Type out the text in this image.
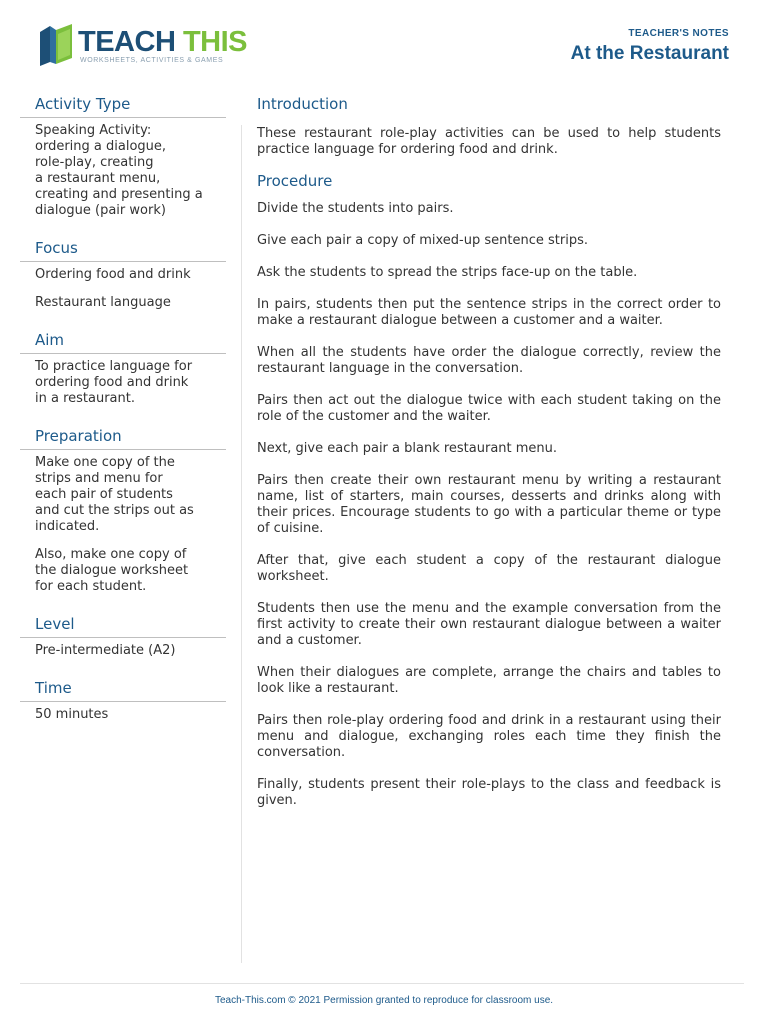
TEACH THIS
WORKSHEETS, ACTIVITIES & GAMES
TEACHER'S NOTES
At the Restaurant
Activity Type
Speaking Activity:
ordering a dialogue,
role-play, creating
a restaurant menu,
creating and presenting a
dialogue (pair work)
Focus

Ordering food and drink

Restaurant language

Aim
To practice language for
ordering food and drink
in a restaurant.
Preparation

Make one copy of the
strips and menu for
each pair of students
and cut the strips out as
indicated.

Also, make one copy of
the dialogue worksheet
for each student.

Level
Pre-intermediate (A2)
Time
50 minutes
Introduction

These restaurant role-play activities can be used to help students practice language for ordering food and drink.

Procedure

Divide the students into pairs.

Give each pair a copy of mixed-up sentence strips.

Ask the students to spread the strips face-up on the table.

In pairs, students then put the sentence strips in the correct order to make a restaurant dialogue between a customer and a waiter.

When all the students have order the dialogue correctly, review the restaurant language in the conversation.

Pairs then act out the dialogue twice with each student taking on the role of the customer and the waiter.

Next, give each pair a blank restaurant menu.

Pairs then create their own restaurant menu by writing a restaurant name, list of starters, main courses, desserts and drinks along with their prices. Encourage students to go with a particular theme or type of cuisine.

After that, give each student a copy of the restaurant dialogue worksheet.

Students then use the menu and the example conversation from the first activity to create their own restaurant dialogue between a waiter and a customer.

When their dialogues are complete, arrange the chairs and tables to look like a restaurant.

Pairs then role-play ordering food and drink in a restaurant using their menu and dialogue, exchanging roles each time they finish the conversation.

Finally, students present their role-plays to the class and feedback is given.

Teach-This.com © 2021 Permission granted to reproduce for classroom use.
